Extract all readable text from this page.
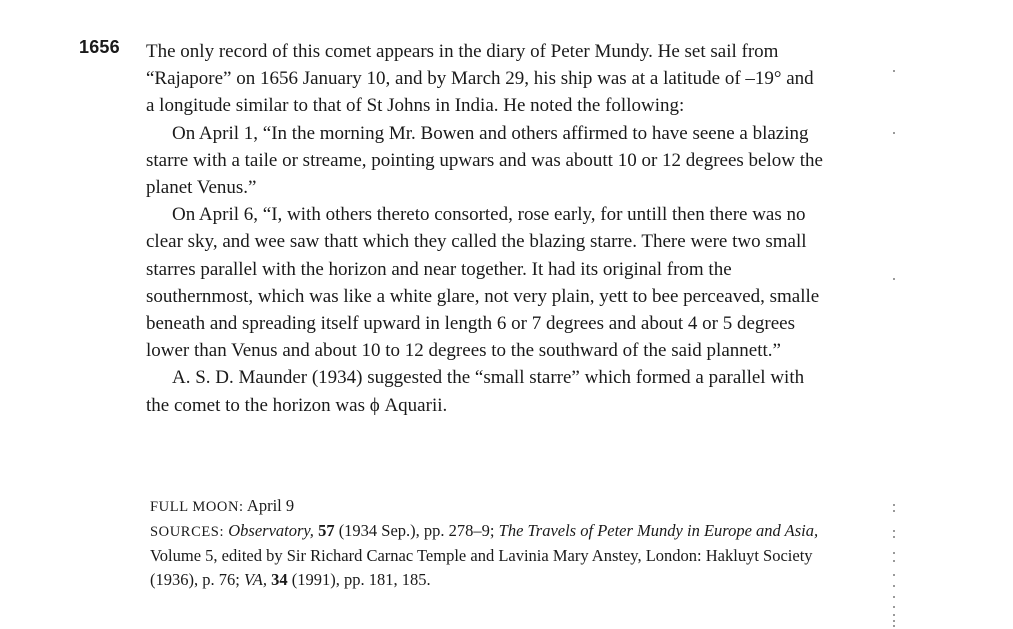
1656 The only record of this comet appears in the diary of Peter Mundy. He set sail from “Rajapore” on 1656 January 10, and by March 29, his ship was at a latitude of –19° and a longitude similar to that of St Johns in India. He noted the following:

On April 1, “In the morning Mr. Bowen and others affirmed to have seene a blazing starre with a taile or streame, pointing upwars and was aboutt 10 or 12 degrees below the planet Venus.”

On April 6, “I, with others thereto consorted, rose early, for untill then there was no clear sky, and wee saw thatt which they called the blazing starre. There were two small starres parallel with the horizon and near together. It had its original from the southernmost, which was like a white glare, not very plain, yett to bee perceaved, smalle beneath and spreading itself upward in length 6 or 7 degrees and about 4 or 5 degrees lower than Venus and about 10 to 12 degrees to the southward of the said plannett.”

A. S. D. Maunder (1934) suggested the “small starre” which formed a parallel with the comet to the horizon was ϕ Aquarii.

FULL MOON: April 9

SOURCES: Observatory, 57 (1934 Sep.), pp. 278–9; The Travels of Peter Mundy in Europe and Asia, Volume 5, edited by Sir Richard Carnac Temple and Lavinia Mary Anstey, London: Hakluyt Society (1936), p. 76; VA, 34 (1991), pp. 181, 185.
